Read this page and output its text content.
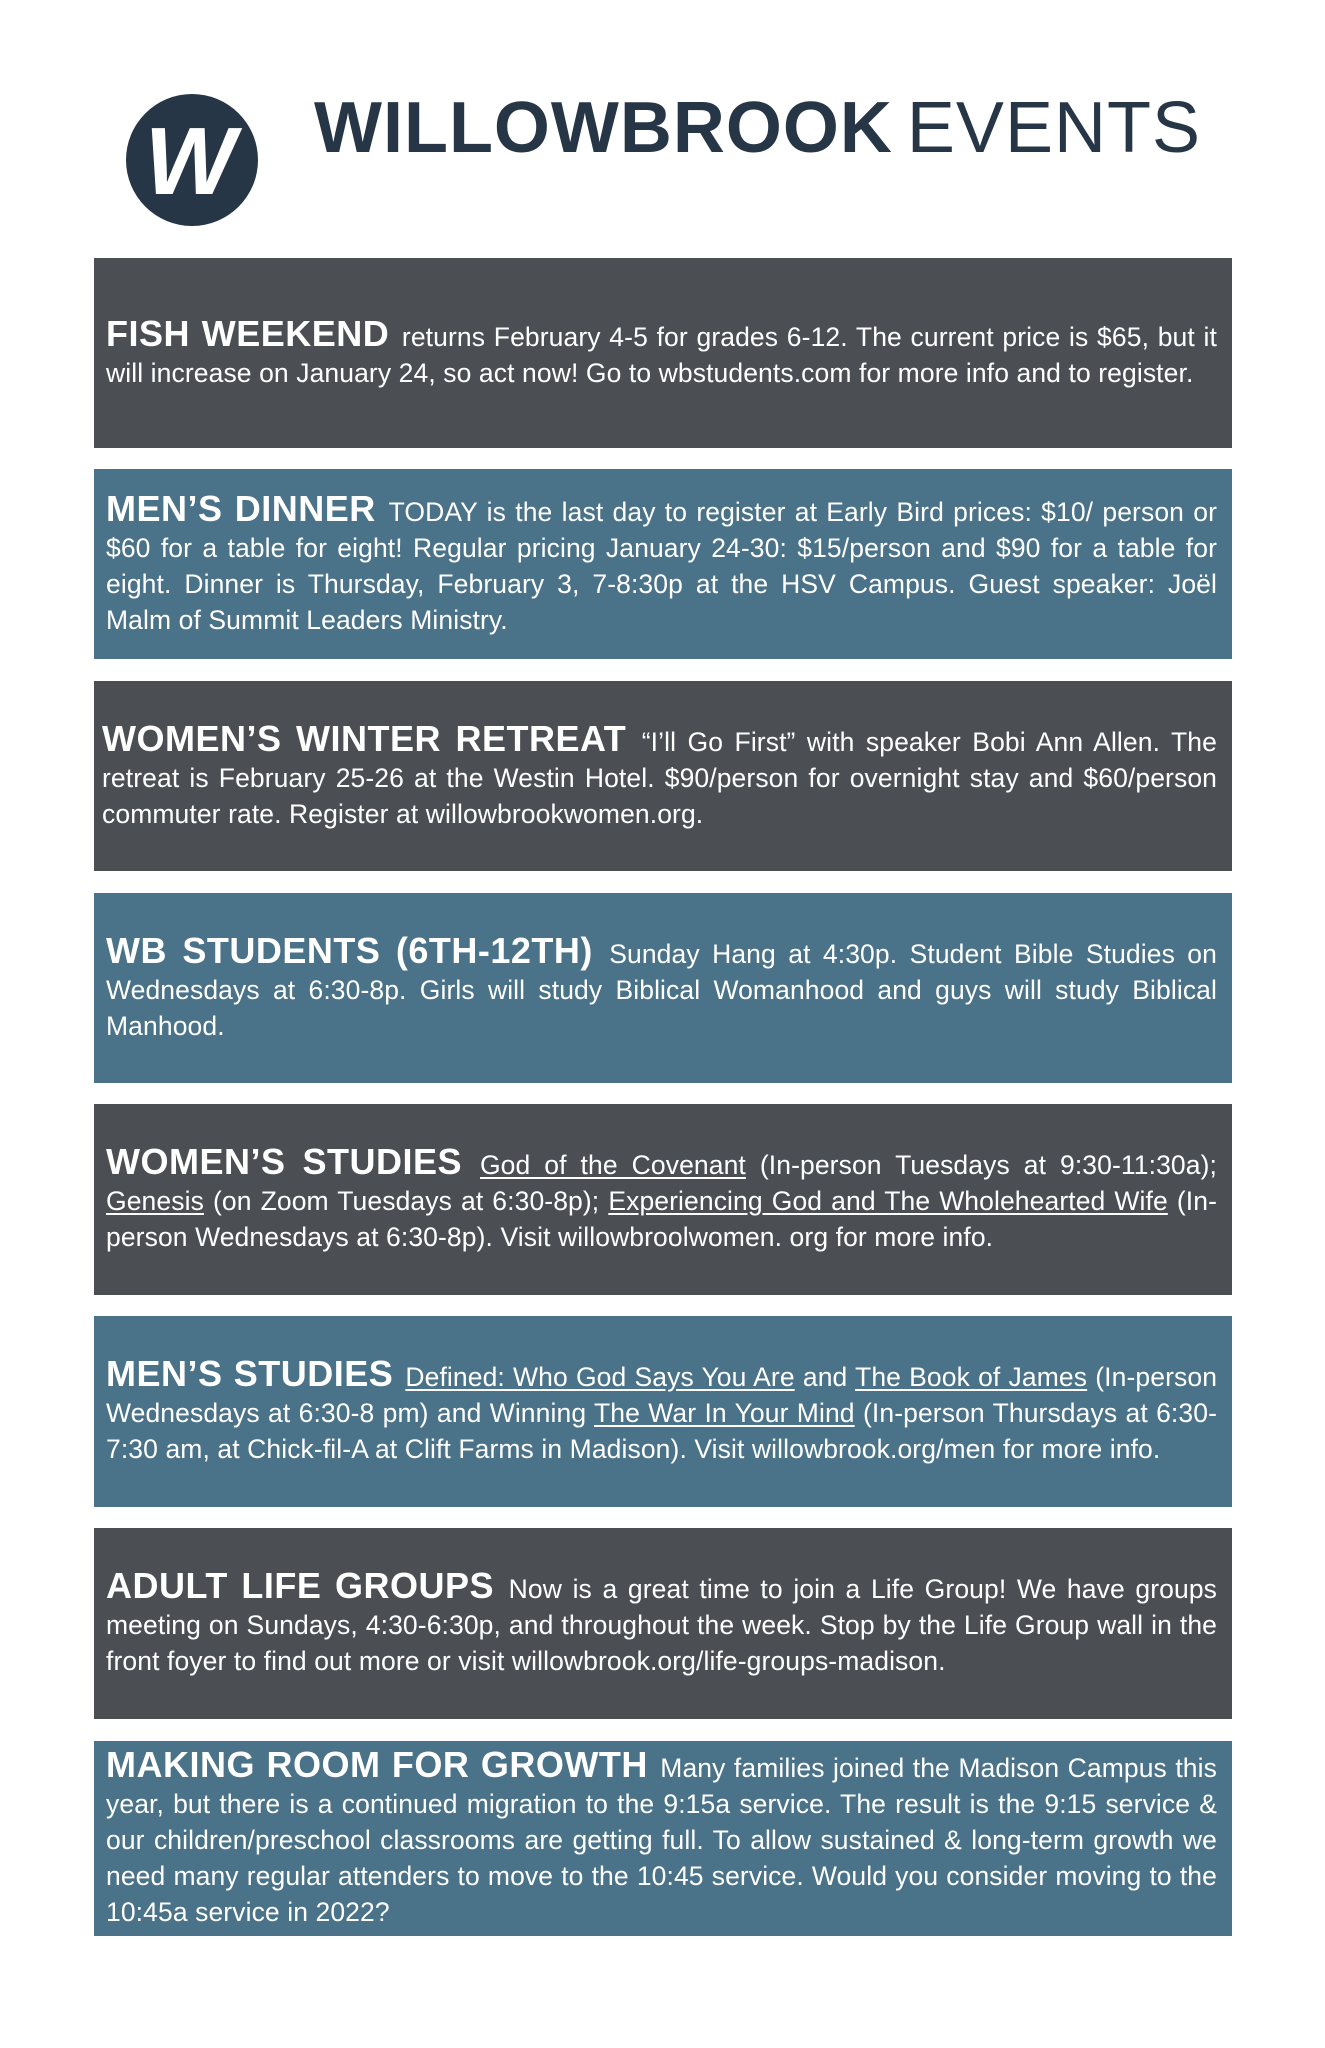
W WILLOWBROOK EVENTS

FISH WEEKEND returns February 4-5 for grades 6-12. The current price is $65, but it will increase on January 24, so act now! Go to wbstudents.com for more info and to register.

MEN’S DINNER TODAY is the last day to register at Early Bird prices: $10/ person or $60 for a table for eight! Regular pricing January 24-30: $15/person and $90 for a table for eight. Dinner is Thursday, February 3, 7-8:30p at the HSV Campus. Guest speaker: Joël Malm of Summit Leaders Ministry.

WOMEN’S WINTER RETREAT “I’ll Go First” with speaker Bobi Ann Allen. The retreat is February 25-26 at the Westin Hotel. $90/person for overnight stay and $60/person commuter rate. Register at willowbrookwomen.org.

WB STUDENTS (6TH-12TH) Sunday Hang at 4:30p. Student Bible Studies on Wednesdays at 6:30-8p. Girls will study Biblical Womanhood and guys will study Biblical Manhood.

WOMEN’S STUDIES God of the Covenant (In-person Tuesdays at 9:30-11:30a); Genesis (on Zoom Tuesdays at 6:30-8p); Experiencing God and The Wholehearted Wife (In-person Wednesdays at 6:30-8p). Visit willowbroolwomen. org for more info.

MEN’S STUDIES Defined: Who God Says You Are and The Book of James (In-person Wednesdays at 6:30-8 pm) and Winning The War In Your Mind (In-person Thursdays at 6:30-7:30 am, at Chick-fil-A at Clift Farms in Madison). Visit willowbrook.org/men for more info.

ADULT LIFE GROUPS Now is a great time to join a Life Group! We have groups meeting on Sundays, 4:30-6:30p, and throughout the week. Stop by the Life Group wall in the front foyer to find out more or visit willowbrook.org/life-groups-madison.

MAKING ROOM FOR GROWTH Many families joined the Madison Campus this year, but there is a continued migration to the 9:15a service. The result is the 9:15 service & our children/preschool classrooms are getting full. To allow sustained & long-term growth we need many regular attenders to move to the 10:45 service. Would you consider moving to the 10:45a service in 2022?
